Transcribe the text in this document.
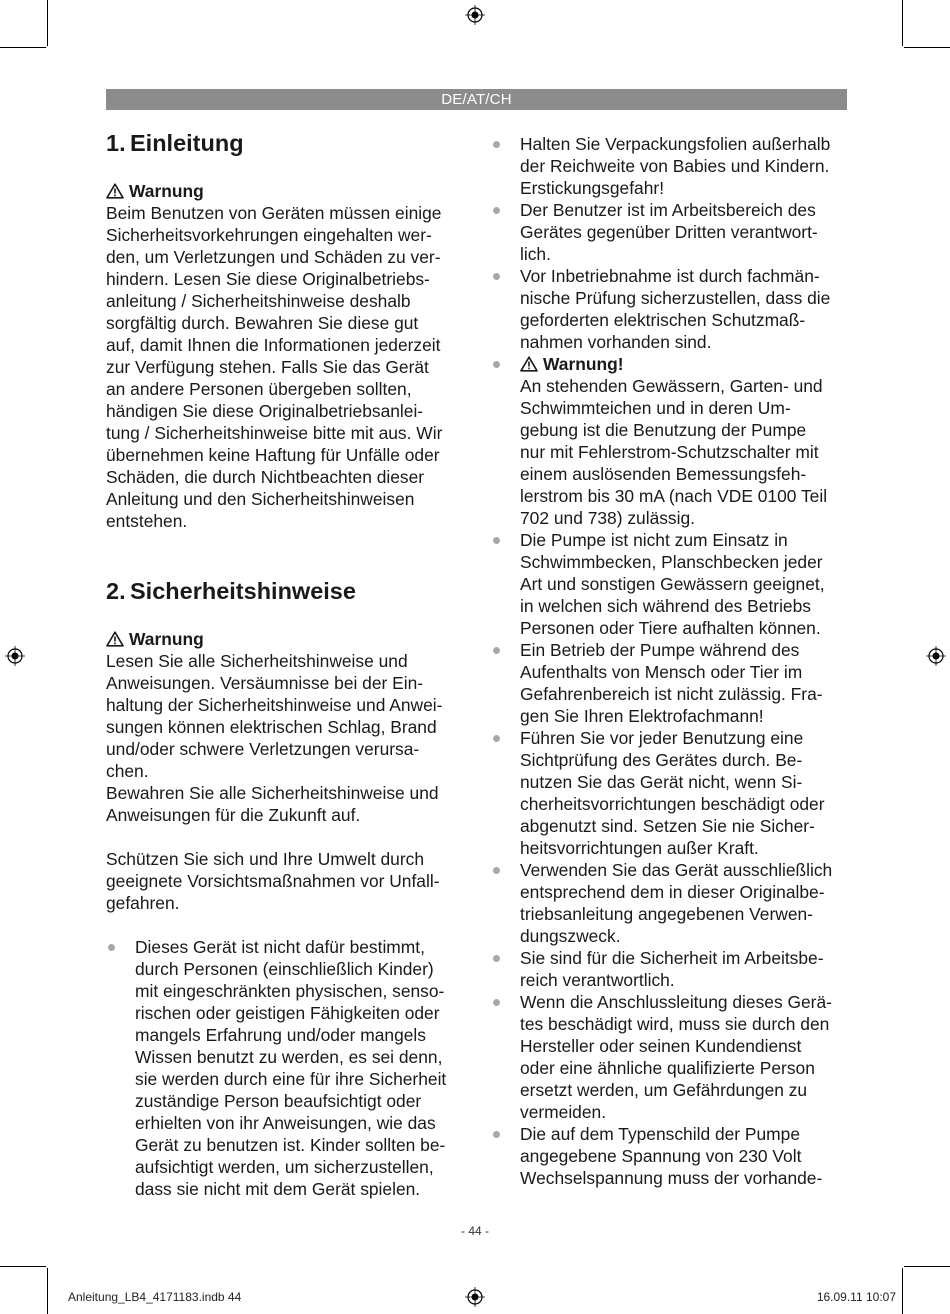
DE/AT/CH
1. Einleitung
Warnung

Beim Benutzen von Geräten müssen einige
Sicherheitsvorkehrungen eingehalten wer-
den, um Verletzungen und Schäden zu ver-
hindern. Lesen Sie diese Originalbetriebs-
anleitung / Sicherheitshinweise deshalb
sorgfältig durch. Bewahren Sie diese gut
auf, damit Ihnen die Informationen jederzeit
zur Verfügung stehen. Falls Sie das Gerät
an andere Personen übergeben sollten,
händigen Sie diese Originalbetriebsanlei-
tung / Sicherheitshinweise bitte mit aus. Wir
übernehmen keine Haftung für Unfälle oder
Schäden, die durch Nichtbeachten dieser
Anleitung und den Sicherheitshinweisen
entstehen.

2. Sicherheitshinweise
Warnung

Lesen Sie alle Sicherheitshinweise und
Anweisungen. Versäumnisse bei der Ein-
haltung der Sicherheitshinweise und Anwei-
sungen können elektrischen Schlag, Brand
und/oder schwere Verletzungen verursa-
chen.

Bewahren Sie alle Sicherheitshinweise und
Anweisungen für die Zukunft auf.

Schützen Sie sich und Ihre Umwelt durch
geeignete Vorsichtsmaßnahmen vor Unfall-
gefahren.

Dieses Gerät ist nicht dafür bestimmt,
durch Personen (einschließlich Kinder)
mit eingeschränkten physischen, senso-
rischen oder geistigen Fähigkeiten oder
mangels Erfahrung und/oder mangels
Wissen benutzt zu werden, es sei denn,
sie werden durch eine für ihre Sicherheit
zuständige Person beaufsichtigt oder
erhielten von ihr Anweisungen, wie das
Gerät zu benutzen ist. Kinder sollten be-
aufsichtigt werden, um sicherzustellen,
dass sie nicht mit dem Gerät spielen.
Halten Sie Verpackungsfolien außerhalb
der Reichweite von Babies und Kindern.
Erstickungsgefahr!
Der Benutzer ist im Arbeitsbereich des
Gerätes gegenüber Dritten verantwort-
lich.
Vor Inbetriebnahme ist durch fachmän-
nische Prüfung sicherzustellen, dass die
geforderten elektrischen Schutzmaß-
nahmen vorhanden sind.
Warnung!
An stehenden Gewässern, Garten- und
Schwimmteichen und in deren Um-
gebung ist die Benutzung der Pumpe
nur mit Fehlerstrom-Schutzschalter mit
einem auslösenden Bemessungsfeh-
lerstrom bis 30 mA (nach VDE 0100 Teil
702 und 738) zulässig.
Die Pumpe ist nicht zum Einsatz in
Schwimmbecken, Planschbecken jeder
Art und sonstigen Gewässern geeignet,
in welchen sich während des Betriebs
Personen oder Tiere aufhalten können.
Ein Betrieb der Pumpe während des
Aufenthalts von Mensch oder Tier im
Gefahrenbereich ist nicht zulässig. Fra-
gen Sie Ihren Elektrofachmann!
Führen Sie vor jeder Benutzung eine
Sichtprüfung des Gerätes durch. Be-
nutzen Sie das Gerät nicht, wenn Si-
cherheitsvorrichtungen beschädigt oder
abgenutzt sind. Setzen Sie nie Sicher-
heitsvorrichtungen außer Kraft.
Verwenden Sie das Gerät ausschließlich
entsprechend dem in dieser Originalbe-
triebsanleitung angegebenen Verwen-
dungszweck.
Sie sind für die Sicherheit im Arbeitsbe-
reich verantwortlich.
Wenn die Anschlussleitung dieses Gerä-
tes beschädigt wird, muss sie durch den
Hersteller oder seinen Kundendienst
oder eine ähnliche qualifizierte Person
ersetzt werden, um Gefährdungen zu
vermeiden.
Die auf dem Typenschild der Pumpe
angegebene Spannung von 230 Volt
Wechselspannung muss der vorhande-
- 44 -
Anleitung_LB4_4171183.indb 44	16.09.11 10:07
